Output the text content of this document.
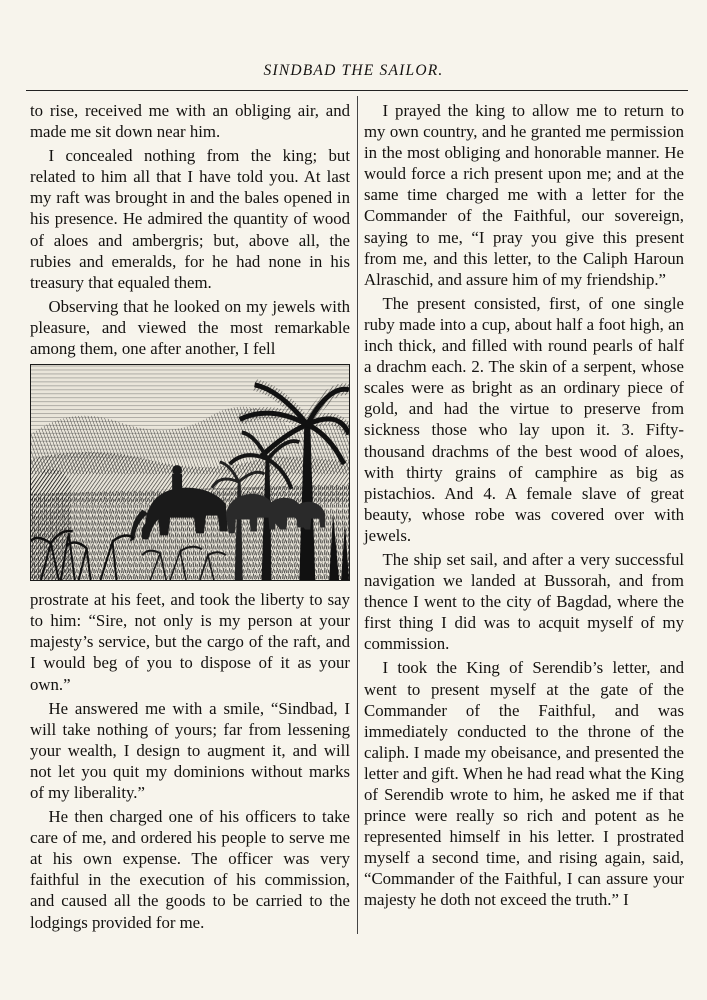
SINDBAD THE SAILOR.

to rise, received me with an obliging air, and made me sit down near him.

I concealed nothing from the king; but related to him all that I have told you. At last my raft was brought in and the bales opened in his presence. He admired the quantity of wood of aloes and ambergris; but, above all, the rubies and emeralds, for he had none in his treasury that equaled them.

Observing that he looked on my jewels with pleasure, and viewed the most remarkable among them, one after another, I fell

prostrate at his feet, and took the liberty to say to him: “Sire, not only is my person at your majesty’s service, but the cargo of the raft, and I would beg of you to dispose of it as your own.”

He answered me with a smile, “Sindbad, I will take nothing of yours; far from lessening your wealth, I design to augment it, and will not let you quit my dominions without marks of my liberality.”

He then charged one of his officers to take care of me, and ordered his people to serve me at his own expense. The officer was very faithful in the execution of his commission, and caused all the goods to be carried to the lodgings provided for me.

I prayed the king to allow me to return to my own country, and he granted me permission in the most obliging and honorable manner. He would force a rich present upon me; and at the same time charged me with a letter for the Commander of the Faithful, our sovereign, saying to me, “I pray you give this present from me, and this letter, to the Caliph Haroun Alraschid, and assure him of my friendship.”

The present consisted, first, of one single ruby made into a cup, about half a foot high, an inch thick, and filled with round pearls of half a drachm each. 2. The skin of a serpent, whose scales were as bright as an ordinary piece of gold, and had the virtue to preserve from sickness those who lay upon it. 3. Fifty-thousand drachms of the best wood of aloes, with thirty grains of camphire as big as pistachios. And 4. A female slave of great beauty, whose robe was covered over with jewels.

The ship set sail, and after a very successful navigation we landed at Bussorah, and from thence I went to the city of Bagdad, where the first thing I did was to acquit myself of my commission.

I took the King of Serendib’s letter, and went to present myself at the gate of the Commander of the Faithful, and was immediately conducted to the throne of the caliph. I made my obeisance, and presented the letter and gift. When he had read what the King of Serendib wrote to him, he asked me if that prince were really so rich and potent as he represented himself in his letter. I prostrated myself a second time, and rising again, said, “Commander of the Faithful, I can assure your majesty he doth not exceed the truth.” I
